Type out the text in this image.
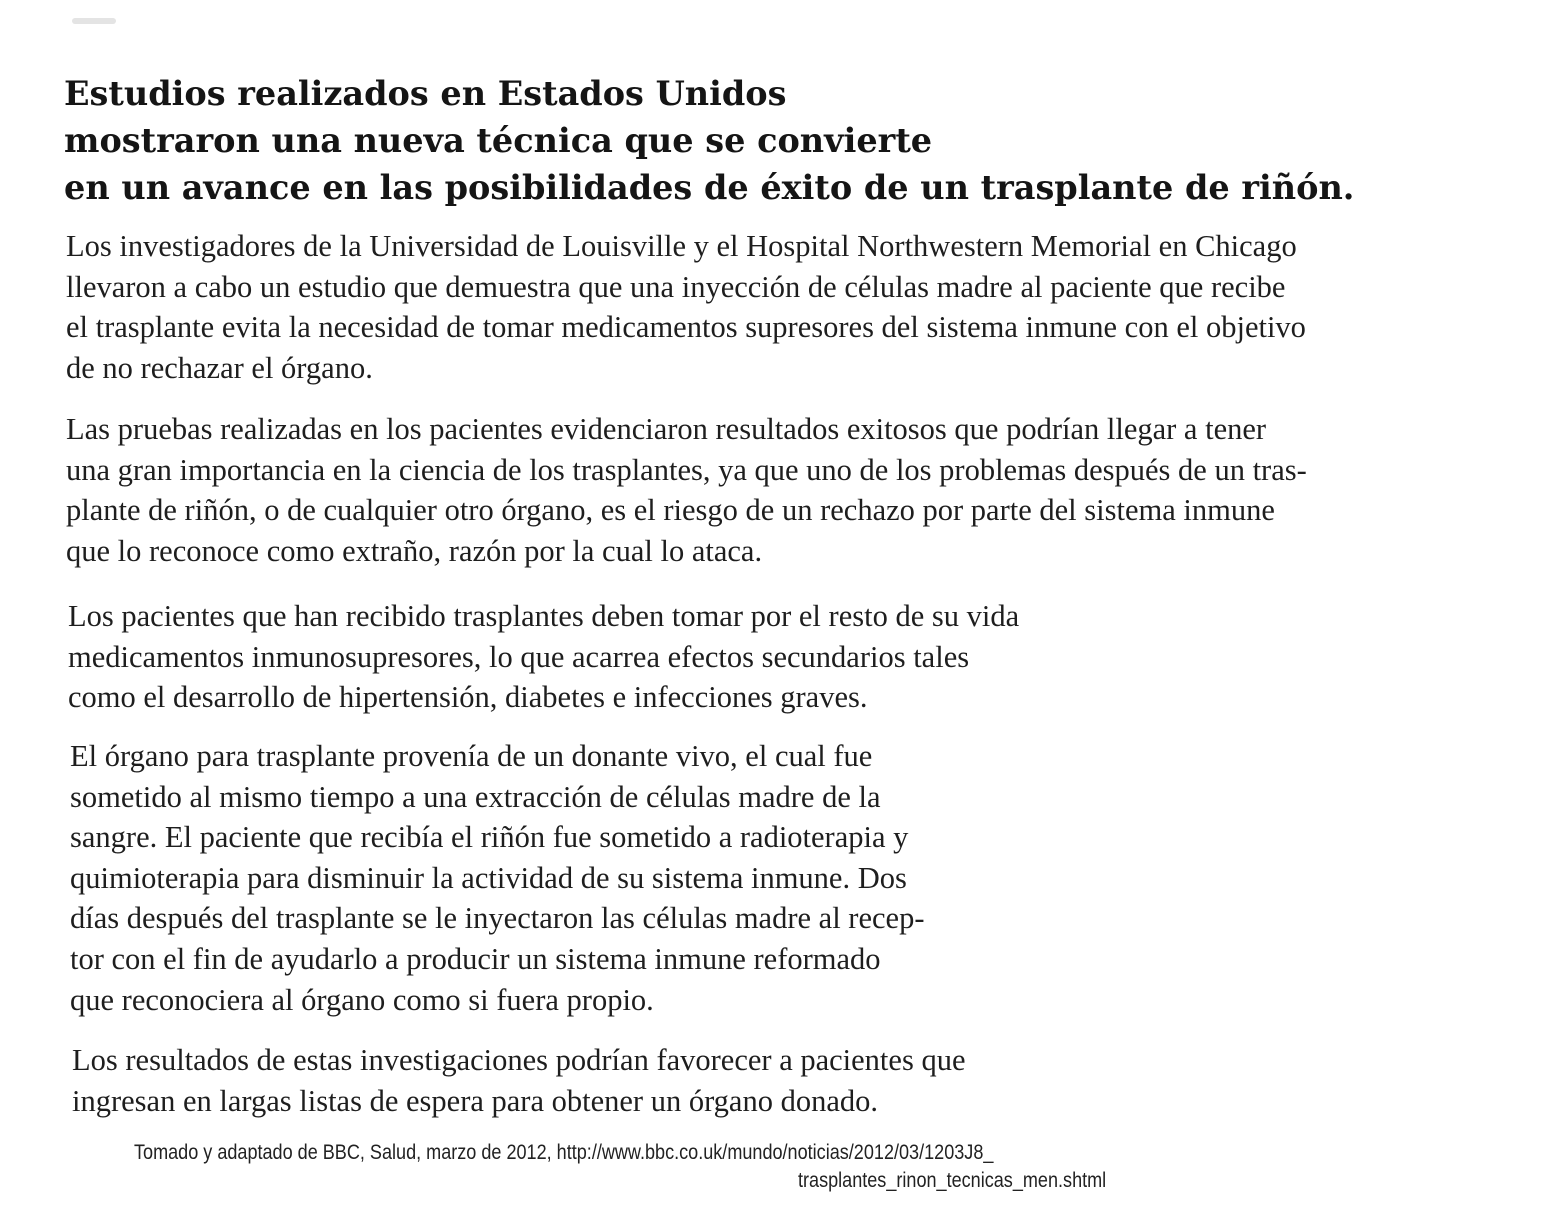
Estudios realizados en Estados Unidos
mostraron una nueva técnica que se convierte
en un avance en las posibilidades de éxito de un trasplante de riñón.

Los investigadores de la Universidad de Louisville y el Hospital Northwestern Memorial en Chicago
llevaron a cabo un estudio que demuestra que una inyección de células madre al paciente que recibe
el trasplante evita la necesidad de tomar medicamentos supresores del sistema inmune con el objetivo
de no rechazar el órgano.

Las pruebas realizadas en los pacientes evidenciaron resultados exitosos que podrían llegar a tener
una gran importancia en la ciencia de los trasplantes, ya que uno de los problemas después de un tras-
plante de riñón, o de cualquier otro órgano, es el riesgo de un rechazo por parte del sistema inmune
que lo reconoce como extraño, razón por la cual lo ataca.

Los pacientes que han recibido trasplantes deben tomar por el resto de su vida
medicamentos inmunosupresores, lo que acarrea efectos secundarios tales
como el desarrollo de hipertensión, diabetes e infecciones graves.

El órgano para trasplante provenía de un donante vivo, el cual fue
sometido al mismo tiempo a una extracción de células madre de la
sangre. El paciente que recibía el riñón fue sometido a radioterapia y
quimioterapia para disminuir la actividad de su sistema inmune. Dos
días después del trasplante se le inyectaron las células madre al recep-
tor con el fin de ayudarlo a producir un sistema inmune reformado
que reconociera al órgano como si fuera propio.

Los resultados de estas investigaciones podrían favorecer a pacientes que
ingresan en largas listas de espera para obtener un órgano donado.

Tomado y adaptado de BBC, Salud, marzo de 2012, http://www.bbc.co.uk/mundo/noticias/2012/03/1203J8_

trasplantes_rinon_tecnicas_men.shtml
